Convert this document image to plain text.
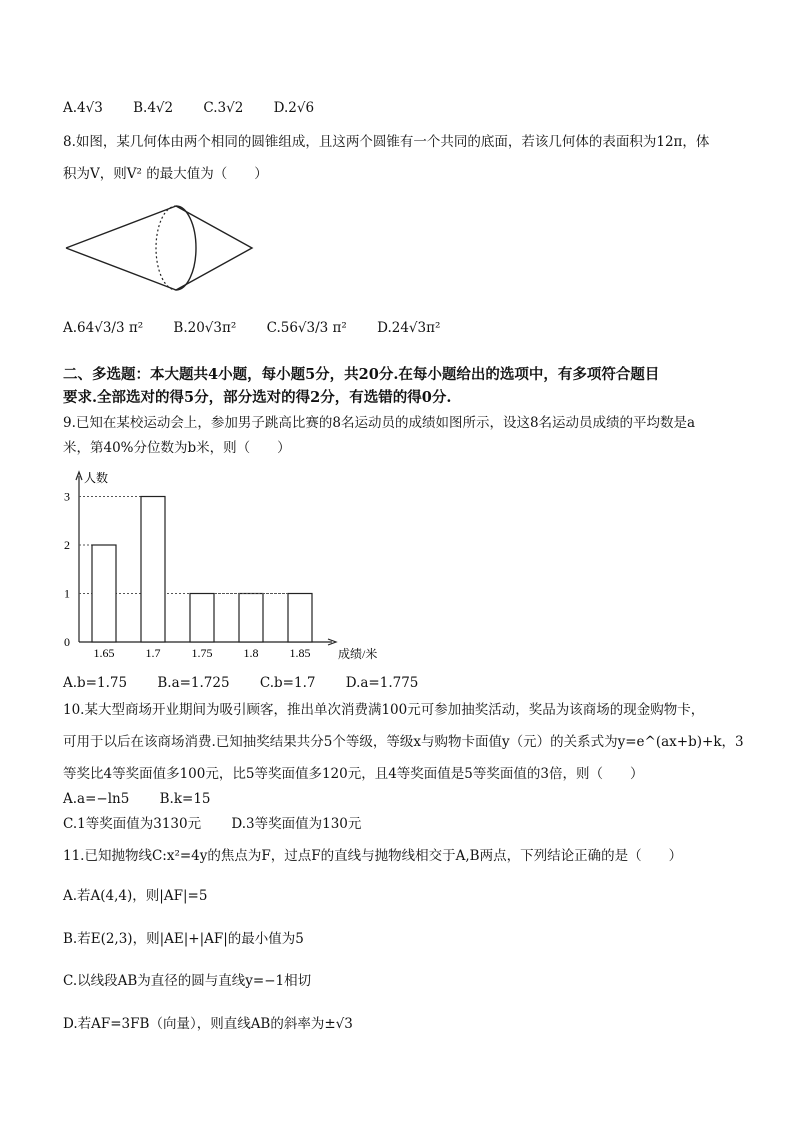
A.4√3 B.4√2 C.3√2 D.2√6
8.如图，某几何体由两个相同的圆锥组成，且这两个圆锥有一个共同的底面，若该几何体的表面积为12π，体
积为V，则V² 的最大值为（　　）
A.64√3/3 π² B.20√3π² C.56√3/3 π² D.24√3π²
二、多选题：本大题共4小题，每小题5分，共20分.在每小题给出的选项中，有多项符合题目
要求.全部选对的得5分，部分选对的得2分，有选错的得0分.
9.已知在某校运动会上，参加男子跳高比赛的8名运动员的成绩如图所示，设这8名运动员成绩的平均数是a
米，第40%分位数为b米，则（　　）
人数
成绩/米
0
1
2
3
1.65	1.7	1.75	1.8	1.85
A.b=1.75 B.a=1.725 C.b=1.7 D.a=1.775
10.某大型商场开业期间为吸引顾客，推出单次消费满100元可参加抽奖活动，奖品为该商场的现金购物卡，
可用于以后在该商场消费.已知抽奖结果共分5个等级，等级x与购物卡面值y（元）的关系式为y=e^(ax+b)+k，3
等奖比4等奖面值多100元，比5等奖面值多120元，且4等奖面值是5等奖面值的3倍，则（　　）
A.a=−ln5 B.k=15
C.1等奖面值为3130元 D.3等奖面值为130元
11.已知抛物线C:x²=4y的焦点为F，过点F的直线与抛物线相交于A,B两点，下列结论正确的是（　　）
A.若A(4,4)，则|AF|=5
B.若E(2,3)，则|AE|+|AF|的最小值为5
C.以线段AB为直径的圆与直线y=−1相切
D.若AF=3FB（向量），则直线AB的斜率为±√3
